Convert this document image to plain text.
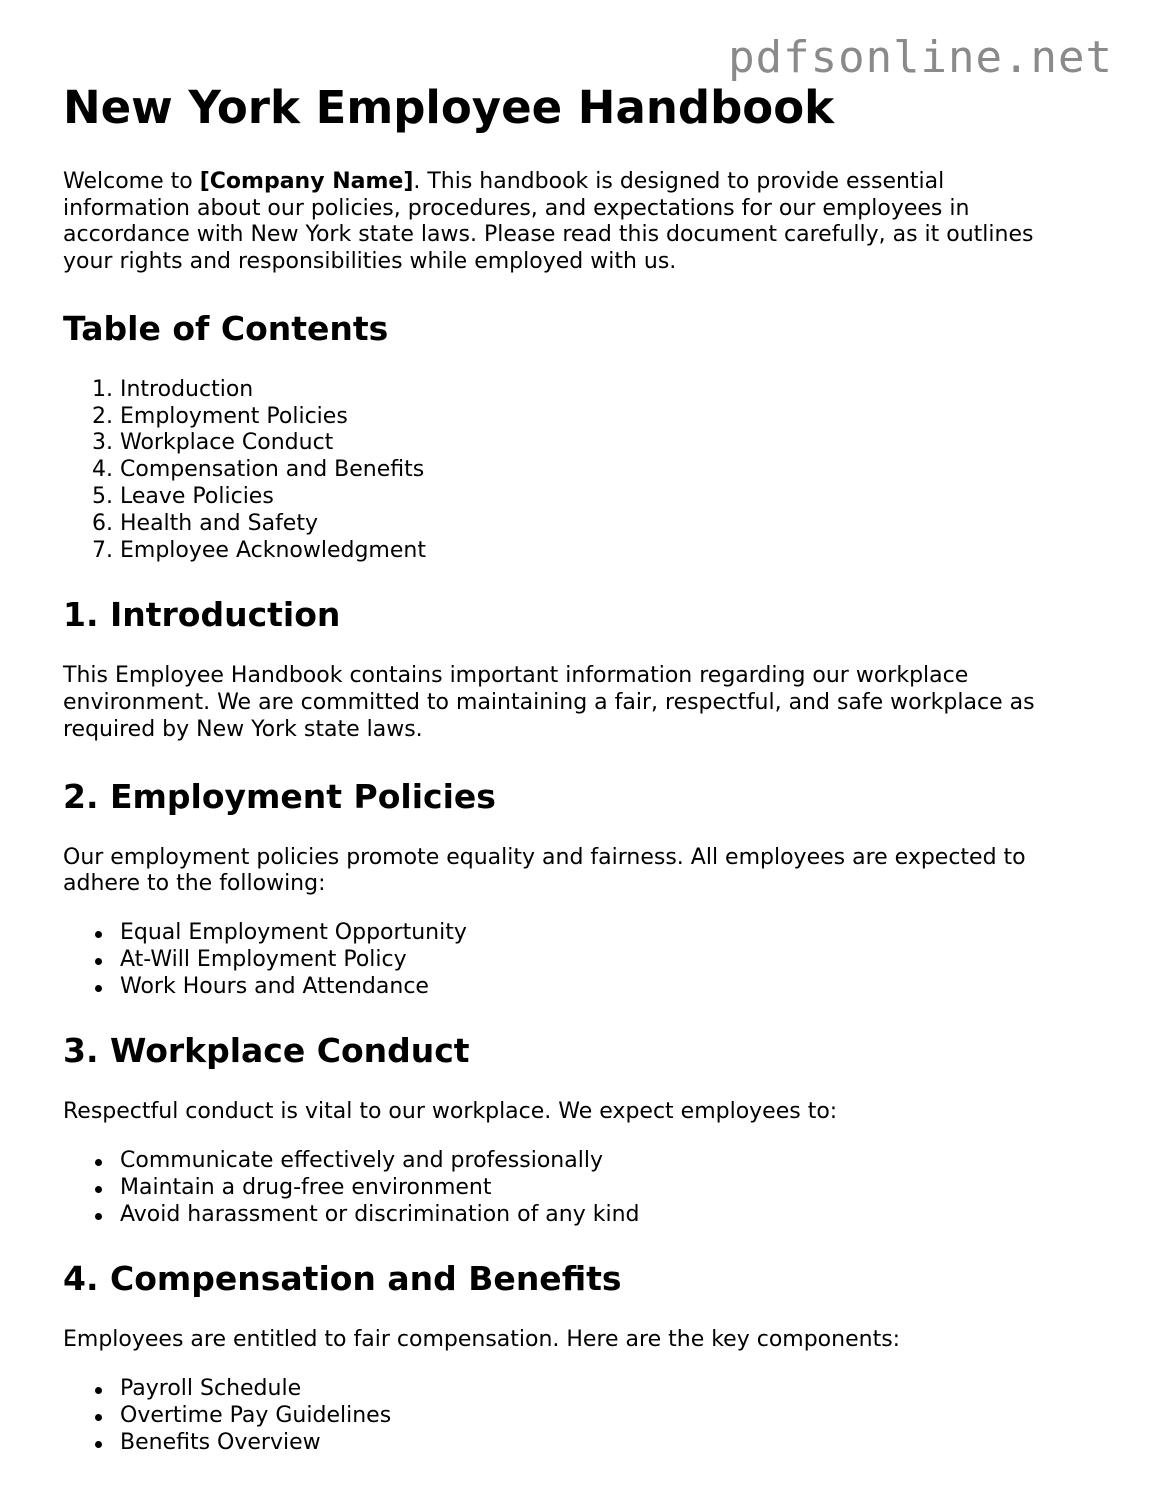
pdfsonline.net
New York Employee Handbook

Welcome to [Company Name]. This handbook is designed to provide essential information about our policies, procedures, and expectations for our employees in accordance with New York state laws. Please read this document carefully, as it outlines your rights and responsibilities while employed with us.

Table of Contents
1. Introduction
2. Employment Policies
3. Workplace Conduct
4. Compensation and Benefits
5. Leave Policies
6. Health and Safety
7. Employee Acknowledgment
1. Introduction

This Employee Handbook contains important information regarding our workplace environment. We are committed to maintaining a fair, respectful, and safe workplace as required by New York state laws.

2. Employment Policies

Our employment policies promote equality and fairness. All employees are expected to adhere to the following:

Equal Employment Opportunity
At-Will Employment Policy
Work Hours and Attendance
3. Workplace Conduct

Respectful conduct is vital to our workplace. We expect employees to:

Communicate effectively and professionally
Maintain a drug-free environment
Avoid harassment or discrimination of any kind
4. Compensation and Benefits

Employees are entitled to fair compensation. Here are the key components:

Payroll Schedule
Overtime Pay Guidelines
Benefits Overview
